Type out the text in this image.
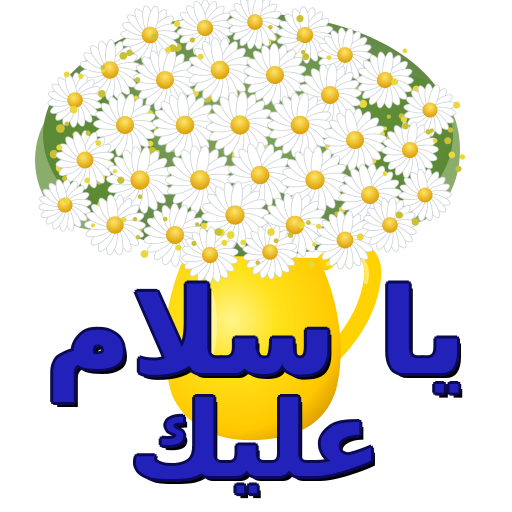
يا سلام
عليك
